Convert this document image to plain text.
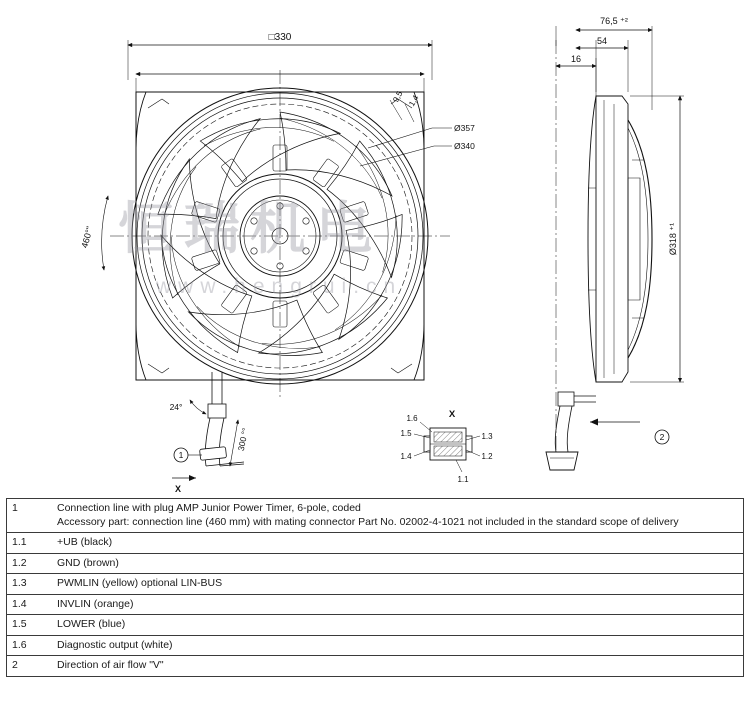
□330
9,5 1,4
Ø357
Ø340
460°"
24°
300 °°
1
X
X
1.6
1.5
1.4
1.3
1.2
1.1
76,5 ⁺²
54
16
Ø318 ⁺¹
2
恒瑞机电
www.hengrui.cn
1	Connection line with plug AMP Junior Power Timer, 6-pole, coded
Accessory part: connection line (460 mm) with mating connector Part No. 02002-4-1021 not included in the standard scope of delivery
1.1	+UB (black)
1.2	GND (brown)
1.3	PWMLIN (yellow) optional LIN-BUS
1.4	INVLIN (orange)
1.5	LOWER (blue)
1.6	Diagnostic output (white)
2	Direction of air flow "V"
